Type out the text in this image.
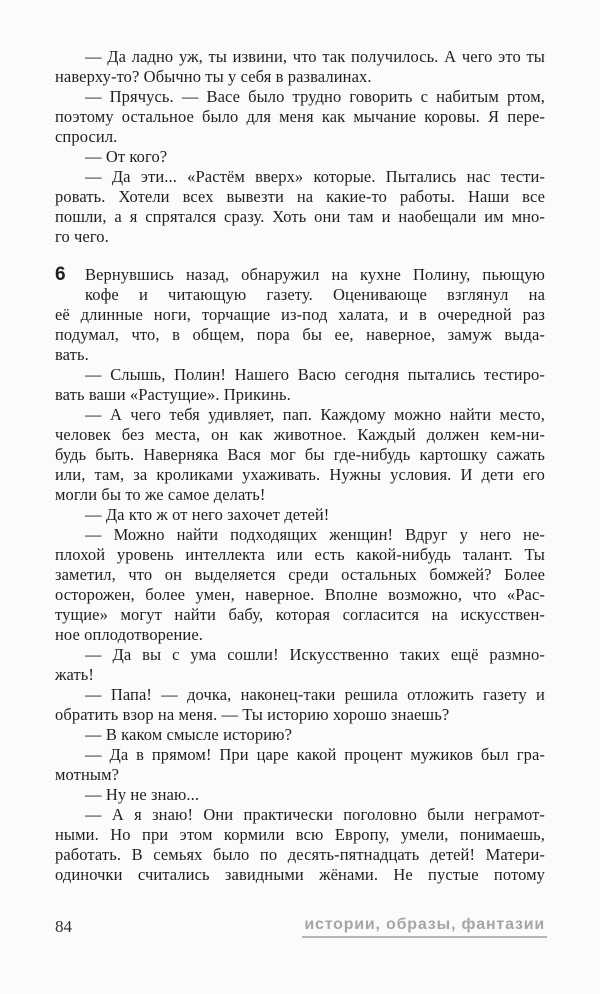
— Да ладно уж, ты извини, что так получилось. А чего это ты
наверху-то? Обычно ты у себя в развалинах.
— Прячусь. — Васе было трудно говорить с набитым ртом,
поэтому остальное было для меня как мычание коровы. Я пере-
спросил.
— От кого?
— Да эти... «Растём вверх» которые. Пытались нас тести-
ровать. Хотели всех вывезти на какие-то работы. Наши все
пошли, а я спрятался сразу. Хоть они там и наобещали им мно-
го чего.
6	Вернувшись назад, обнаружил на кухне Полину, пьющую
кофе и читающую газету. Оценивающе взглянул на
её длинные ноги, торчащие из-под халата, и в очередной раз
подумал, что, в общем, пора бы ее, наверное, замуж выда-
вать.
— Слышь, Полин! Нашего Васю сегодня пытались тестиро-
вать ваши «Растущие». Прикинь.
— А чего тебя удивляет, пап. Каждому можно найти место,
человек без места, он как животное. Каждый должен кем-ни-
будь быть. Наверняка Вася мог бы где-нибудь картошку сажать
или, там, за кроликами ухаживать. Нужны условия. И дети его
могли бы то же самое делать!
— Да кто ж от него захочет детей!
— Можно найти подходящих женщин! Вдруг у него не-
плохой уровень интеллекта или есть какой-нибудь талант. Ты
заметил, что он выделяется среди остальных бомжей? Более
осторожен, более умен, наверное. Вполне возможно, что «Рас-
тущие» могут найти бабу, которая согласится на искусствен-
ное оплодотворение.
— Да вы с ума сошли! Искусственно таких ещё размно-
жать!
— Папа! — дочка, наконец-таки решила отложить газету и
обратить взор на меня. — Ты историю хорошо знаешь?
— В каком смысле историю?
— Да в прямом! При царе какой процент мужиков был гра-
мотным?
— Ну не знаю...
— А я знаю! Они практически поголовно были неграмот-
ными. Но при этом кормили всю Европу, умели, понимаешь,
работать. В семьях было по десять-пятнадцать детей! Матери-
одиночки считались завидными жёнами. Не пустые потому
84	истории, образы, фантазии
